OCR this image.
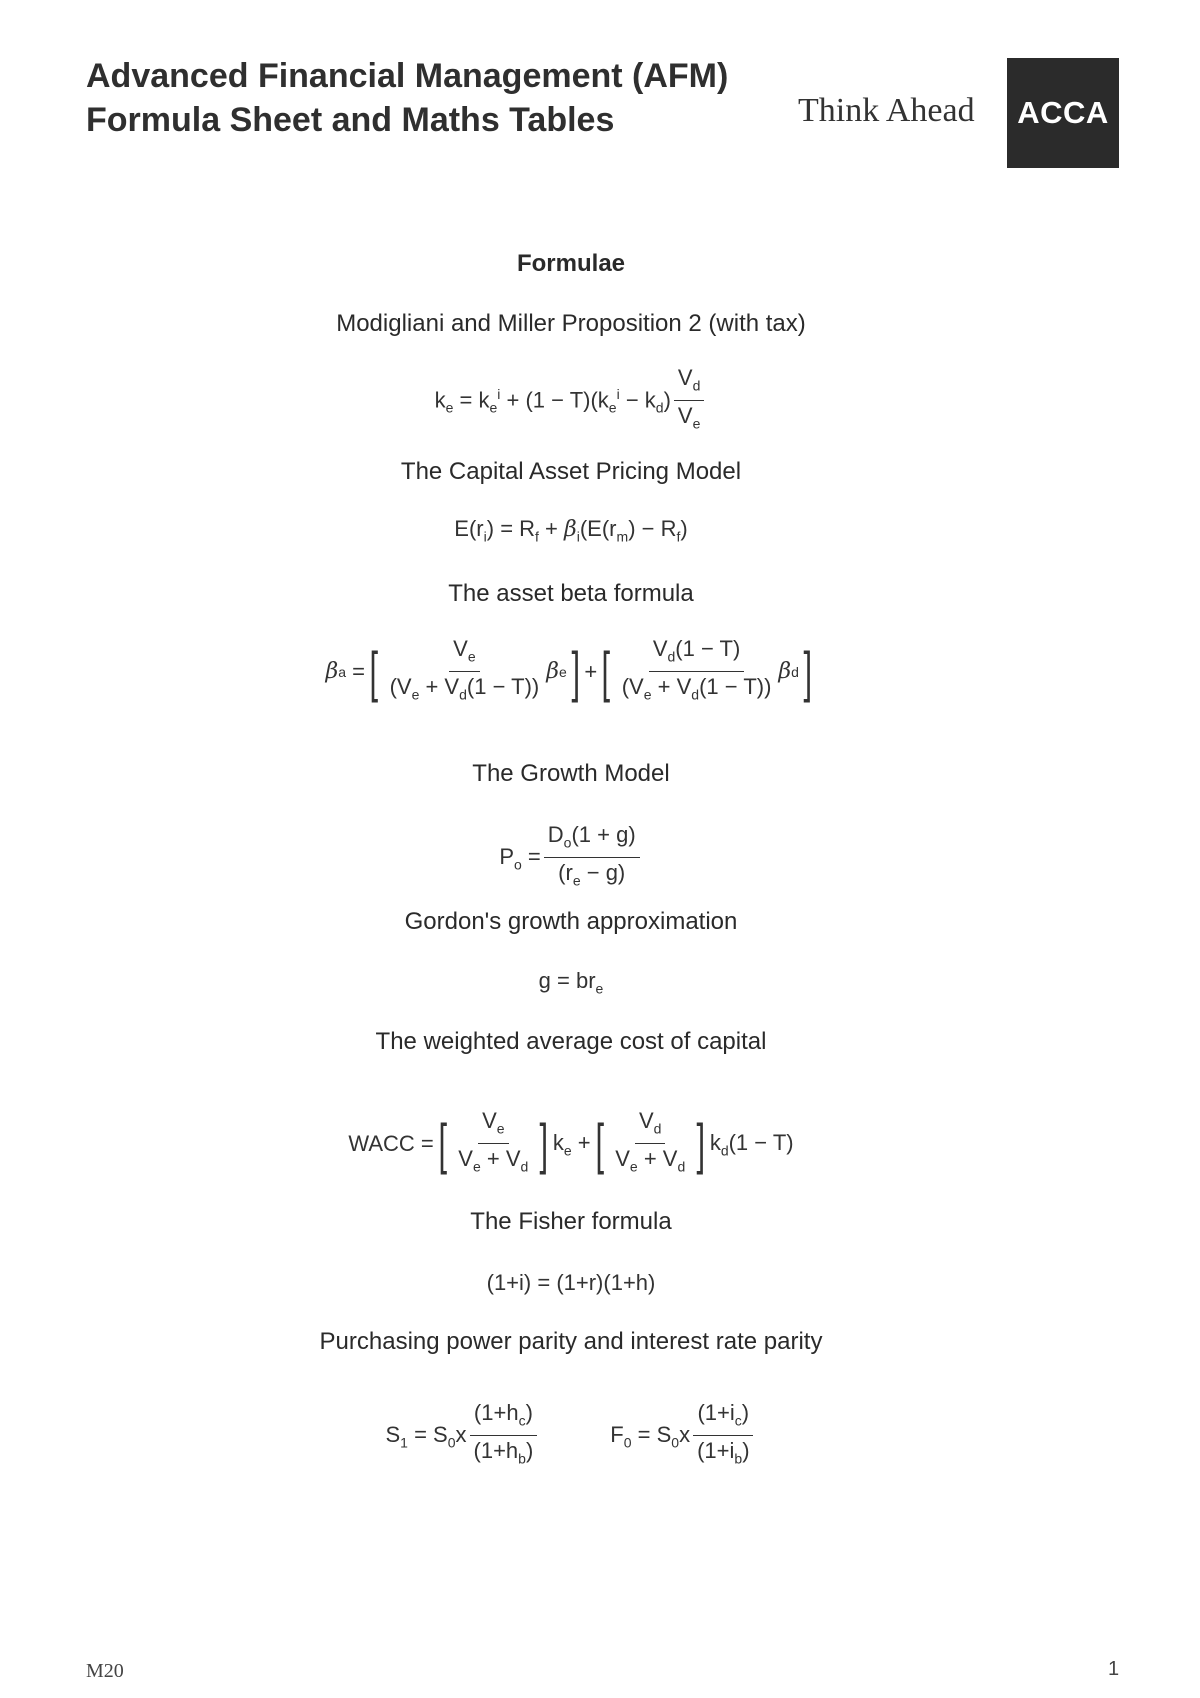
Advanced Financial Management (AFM)
Formula Sheet and Maths Tables	Think Ahead	ACCA
Formulae
Modigliani and Miller Proposition 2 (with tax)
$k_e = k_e^i + (1 - T)(k_e^i - k_d) \frac{V_d}{V_e}$
The Capital Asset Pricing Model
$E(r_i) = R_f + \beta_i(E(r_m) - R_f)$
The asset beta formula
β a = [ $\frac{V_e}{(V_e + V_d(1 - T))}$ β e ] + [ $\frac{V_d(1 - T)}{(V_e + V_d(1 - T))}$ β d ]
The Growth Model
$P_o = \frac{D_o(1 + g)}{(r_e - g)}$
Gordon's growth approximation
$g = br_e$
The weighted average cost of capital
WACC = [ $\frac{V_e}{V_e + V_d}$ ] $k_e$ + [ $\frac{V_d}{V_e + V_d}$ ] $k_d(1 - T)$
The Fisher formula
(1+i) = (1+r)(1+h)
Purchasing power parity and interest rate parity
$S_1 = S_0x \frac{(1+h_c)}{(1+h_b)}$	$F_0 = S_0x \frac{(1+i_c)}{(1+i_b)}$
M20	1
